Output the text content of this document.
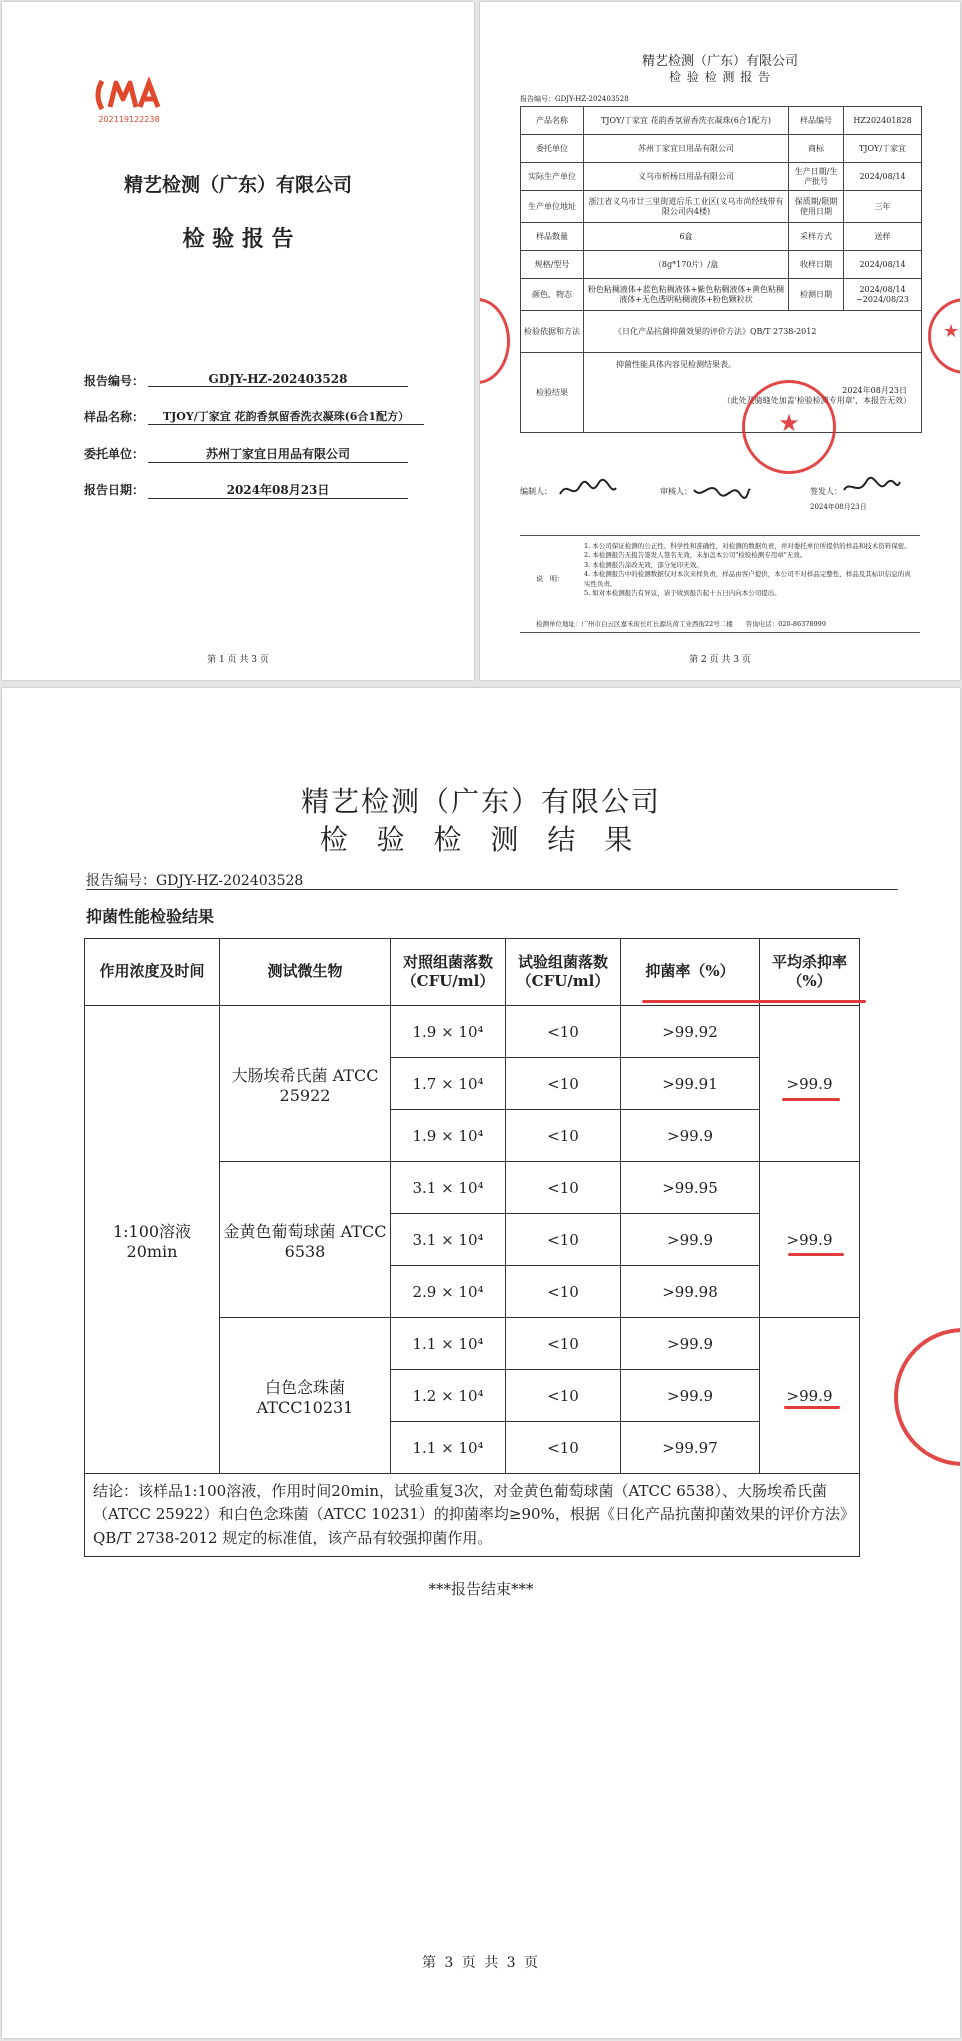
202119122238
精艺检测（广东）有限公司
检 验 报 告
报告编号：	GDJY-HZ-202403528
样品名称：	TJOY/丁家宜 花韵香氛留香洗衣凝珠(6合1配方）
委托单位：	苏州丁家宜日用品有限公司
报告日期：	2024年08月23日
第 1 页 共 3 页
精艺检测（广东）有限公司
检 验 检 测 报 告
报告编号：GDJY-HZ-202403528
产品名称	TJOY/丁家宜 花韵香氛留香洗衣凝珠(6合1配方)	样品编号	HZ202401828
委托单位	苏州丁家宜日用品有限公司	商标	TJOY/丁家宜
实际生产单位	义乌市析杨日用品有限公司	生产日期/生产批号	2024/08/14
生产单位地址	浙江省义乌市廿三里街道后乐工业区(义乌市尚经线带有限公司内4楼)	保质期/限期使用日期	三年
样品数量	6盒	采样方式	送样
规格/型号	（8g*170片）/盒	收样日期	2024/08/14
颜色、物态	粉色粘稠液体+蓝色粘稠液体+紫色粘稠液体+黄色粘稠液体+无色透明粘稠液体+粉色颗粒状	检测日期	2024/08/14 ~2024/08/23
检验依据和方法	《日化产品抗菌抑菌效果的评价方法》QB/T 2738-2012		
检验结果	抑菌性能具体内容见检测结果表。
2024年08月23日
（此处及骑缝处加盖'检验检测专用章'，本报告无效）		
★
★
编制人：	审核人：	签发人：
2024年08月23日
说　明：
1. 本公司保证检测的公正性、科学性和准确性，对检测的数据负责，并对委托单位所提供的样品和技术资料保密。
2. 本检测报告无报告签发人签名无效，未加盖本公司"检验检测专用章"无效。
3. 本检测报告涂改无效，部分复印无效。
4. 本检测报告中的检测数据仅对本次来样负责，样品由客户提供，本公司不对样品完整性、样品及其标识信息的真实性负责。
5. 如对本检测报告有异议，请于收到报告起十五日内向本公司提出。
检测单位地址：广州市白云区嘉禾街长红长源坑荷工业西街22号二楼　　咨询电话：020-86378999
第 2 页 共 3 页
精艺检测（广东）有限公司
检 验 检 测 结 果
报告编号：GDJY-HZ-202403528
抑菌性能检验结果
作用浓度及时间	测试微生物	对照组菌落数（CFU/ml）	试验组菌落数（CFU/ml）	抑菌率（%）	平均杀抑率（%）
1:100溶液 20min	大肠埃希氏菌 ATCC 25922	1.9 × 10⁴	<10	>99.92	>99.9
		1.7 × 10⁴	<10	>99.91	
		1.9 × 10⁴	<10	>99.9	
	金黄色葡萄球菌 ATCC 6538	3.1 × 10⁴	<10	>99.95	>99.9
		3.1 × 10⁴	<10	>99.9	
		2.9 × 10⁴	<10	>99.98	
	白色念珠菌 ATCC10231	1.1 × 10⁴	<10	>99.9	>99.9
		1.2 × 10⁴	<10	>99.9	
		1.1 × 10⁴	<10	>99.97	
结论：该样品1:100溶液，作用时间20min，试验重复3次，对金黄色葡萄球菌（ATCC 6538）、大肠埃希氏菌（ATCC 25922）和白色念珠菌（ATCC 10231）的抑菌率均≥90%，根据《日化产品抗菌抑菌效果的评价方法》QB/T 2738-2012 规定的标准值，该产品有较强抑菌作用。					
***报告结束***
第 3 页 共 3 页
